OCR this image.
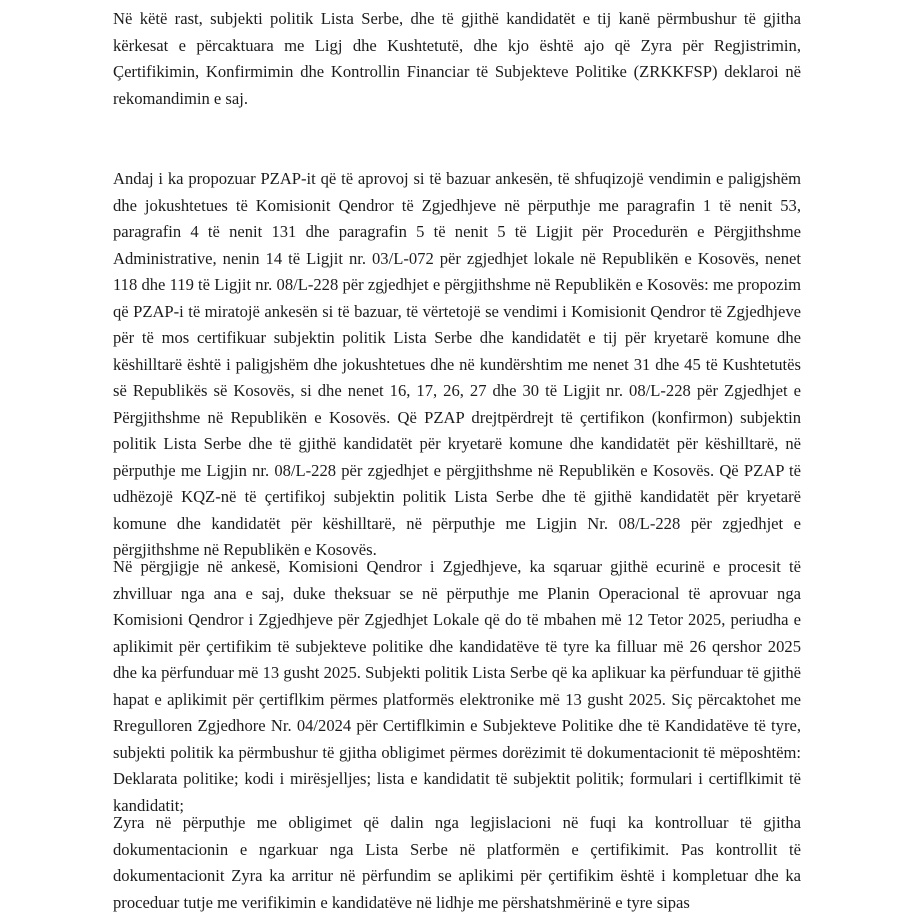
Në këtë rast, subjekti politik Lista Serbe, dhe të gjithë kandidatët e tij kanë përmbushur të gjitha kërkesat e përcaktuara me Ligj dhe Kushtetutë, dhe kjo është ajo që Zyra për Regjistrimin, Çertifikimin, Konfirmimin dhe Kontrollin Financiar të Subjekteve Politike (ZRKKFSP) deklaroi në rekomandimin e saj.

Andaj i ka propozuar PZAP-it që të aprovoj si të bazuar ankesën, të shfuqizojë vendimin e paligjshëm dhe jokushtetues të Komisionit Qendror të Zgjedhjeve në përputhje me paragrafin 1 të nenit 53, paragrafin 4 të nenit 131 dhe paragrafin 5 të nenit 5 të Ligjit për Procedurën e Përgjithshme Administrative, nenin 14 të Ligjit nr. 03/L-072 për zgjedhjet lokale në Republikën e Kosovës, nenet 118 dhe 119 të Ligjit nr. 08/L-228 për zgjedhjet e përgjithshme në Republikën e Kosovës: me propozim që PZAP-i të miratojë ankesën si të bazuar, të vërtetojë se vendimi i Komisionit Qendror të Zgjedhjeve për të mos certifikuar subjektin politik Lista Serbe dhe kandidatët e tij për kryetarë komune dhe këshilltarë është i paligjshëm dhe jokushtetues dhe në kundërshtim me nenet 31 dhe 45 të Kushtetutës së Republikës së Kosovës, si dhe nenet 16, 17, 26, 27 dhe 30 të Ligjit nr. 08/L-228 për Zgjedhjet e Përgjithshme në Republikën e Kosovës. Që PZAP drejtpërdrejt të çertifikon (konfirmon) subjektin politik Lista Serbe dhe të gjithë kandidatët për kryetarë komune dhe kandidatët për këshilltarë, në përputhje me Ligjin nr. 08/L-228 për zgjedhjet e përgjithshme në Republikën e Kosovës. Që PZAP të udhëzojë KQZ-në të çertifikoj subjektin politik Lista Serbe dhe të gjithë kandidatët për kryetarë komune dhe kandidatët për këshilltarë, në përputhje me Ligjin Nr. 08/L-228 për zgjedhjet e përgjithshme në Republikën e Kosovës.

Në përgjigje në ankesë, Komisioni Qendror i Zgjedhjeve, ka sqaruar gjithë ecurinë e procesit të zhvilluar nga ana e saj, duke theksuar se në përputhje me Planin Operacional të aprovuar nga Komisioni Qendror i Zgjedhjeve për Zgjedhjet Lokale që do të mbahen më 12 Tetor 2025, periudha e aplikimit për çertifikim të subjekteve politike dhe kandidatëve të tyre ka filluar më 26 qershor 2025 dhe ka përfunduar më 13 gusht 2025. Subjekti politik Lista Serbe që ka aplikuar ka përfunduar të gjithë hapat e aplikimit për çertiflkim përmes platformës elektronike më 13 gusht 2025. Siç përcaktohet me Rregulloren Zgjedhore Nr. 04/2024 për Certiflkimin e Subjekteve Politike dhe të Kandidatëve të tyre, subjekti politik ka përmbushur të gjitha obligimet përmes dorëzimit të dokumentacionit të mëposhtëm: Deklarata politike; kodi i mirësjelljes; lista e kandidatit të subjektit politik; formulari i certiflkimit të kandidatit;

Zyra në përputhje me obligimet që dalin nga legjislacioni në fuqi ka kontrolluar të gjitha dokumentacionin e ngarkuar nga Lista Serbe në platformën e çertifikimit. Pas kontrollit të dokumentacionit Zyra ka arritur në përfundim se aplikimi për çertifikim është i kompletuar dhe ka proceduar tutje me verifikimin e kandidatëve në lidhje me përshatshmërinë e tyre sipas
